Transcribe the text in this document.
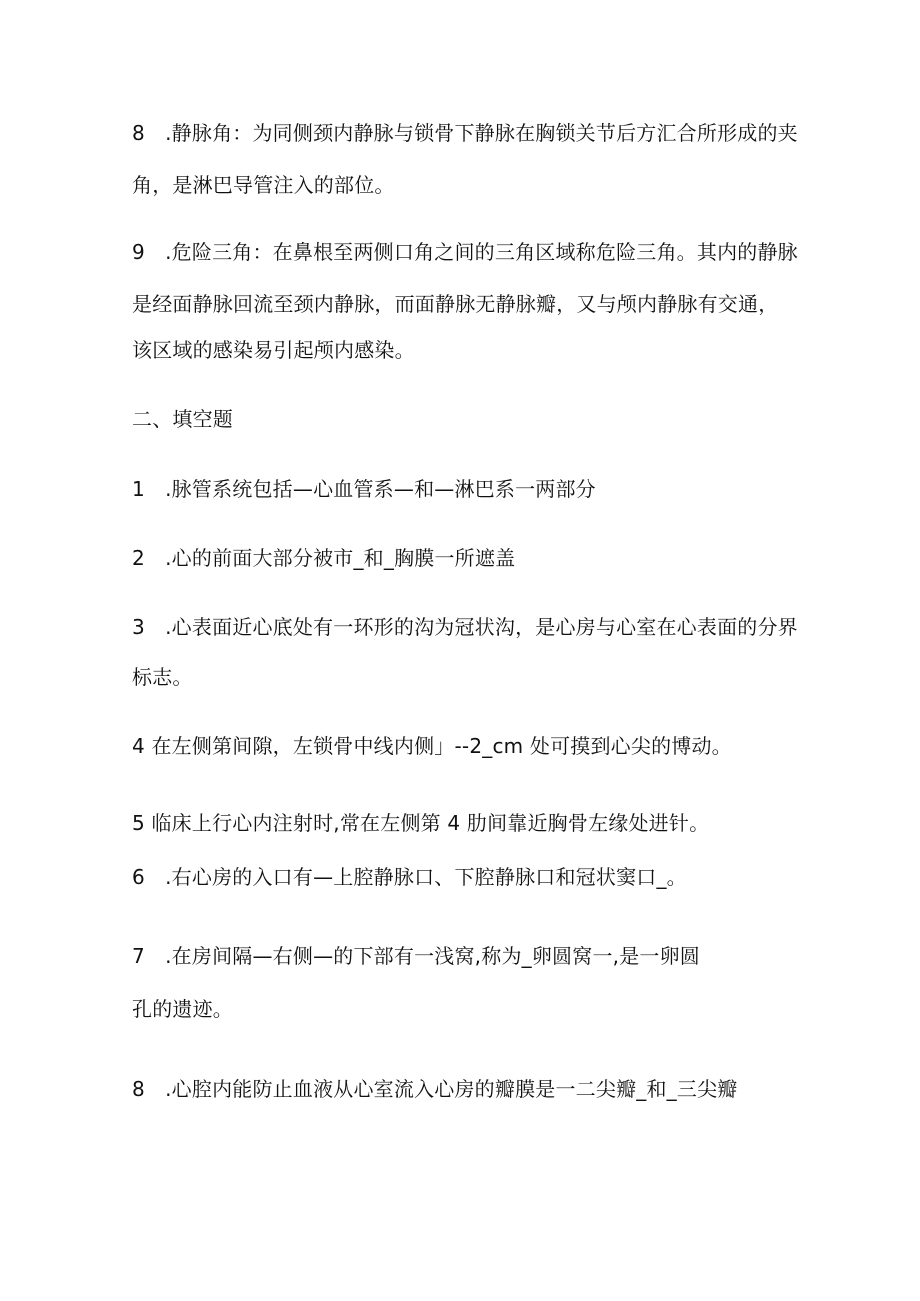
8　.静脉角：为同侧颈内静脉与锁骨下静脉在胸锁关节后方汇合所形成的夹
角，是淋巴导管注入的部位。
9　.危险三角：在鼻根至两侧口角之间的三角区域称危险三角。其内的静脉
是经面静脉回流至颈内静脉，而面静脉无静脉瓣，又与颅内静脉有交通，
该区域的感染易引起颅内感染。
二、填空题
1　.脉管系统包括—心血管系—和—淋巴系一两部分
2　.心的前面大部分被市_和_胸膜一所遮盖
3　.心表面近心底处有一环形的沟为冠状沟，是心房与心室在心表面的分界
标志。
4 在左侧第间隙，左锁骨中线内侧」--2_cm 处可摸到心尖的博动。
5 临床上行心内注射时,常在左侧第 4 肋间靠近胸骨左缘处进针。
6　.右心房的入口有—上腔静脉口、下腔静脉口和冠状窦口_。
7　.在房间隔—右侧—的下部有一浅窝,称为_卵圆窝一,是一卵圆
孔的遗迹。
8　.心腔内能防止血液从心室流入心房的瓣膜是一二尖瓣_和_三尖瓣
